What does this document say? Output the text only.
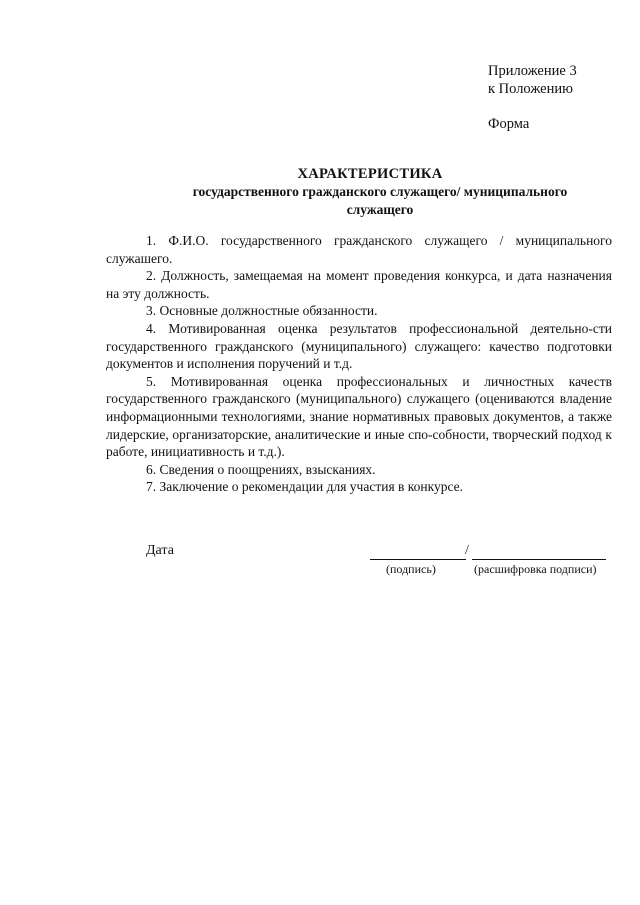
Приложение 3
к Положению
Форма
ХАРАКТЕРИСТИКА
государственного гражданского служащего/ муниципального служащего

1. Ф.И.О. государственного гражданского служащего / муниципального служашего.

2. Должность, замещаемая на момент проведения конкурса, и дата назначения на эту должность.

3. Основные должностные обязанности.

4. Мотивированная оценка результатов профессиональной деятельно-сти государственного гражданского (муниципального) служащего: качество подготовки документов и исполнения поручений и т.д.

5. Мотивированная оценка профессиональных и личностных качеств государственного гражданского (муниципального) служащего (оцениваются владение информационными технологиями, знание нормативных правовых документов, а также лидерские, организаторские, аналитические и иные спо-собности, творческий подход к работе, инициативность и т.д.).

6. Сведения о поощрениях, взысканиях.

7. Заключение о рекомендации для участия в конкурсе.

Дата	/
(подпись)	(расшифровка подписи)
